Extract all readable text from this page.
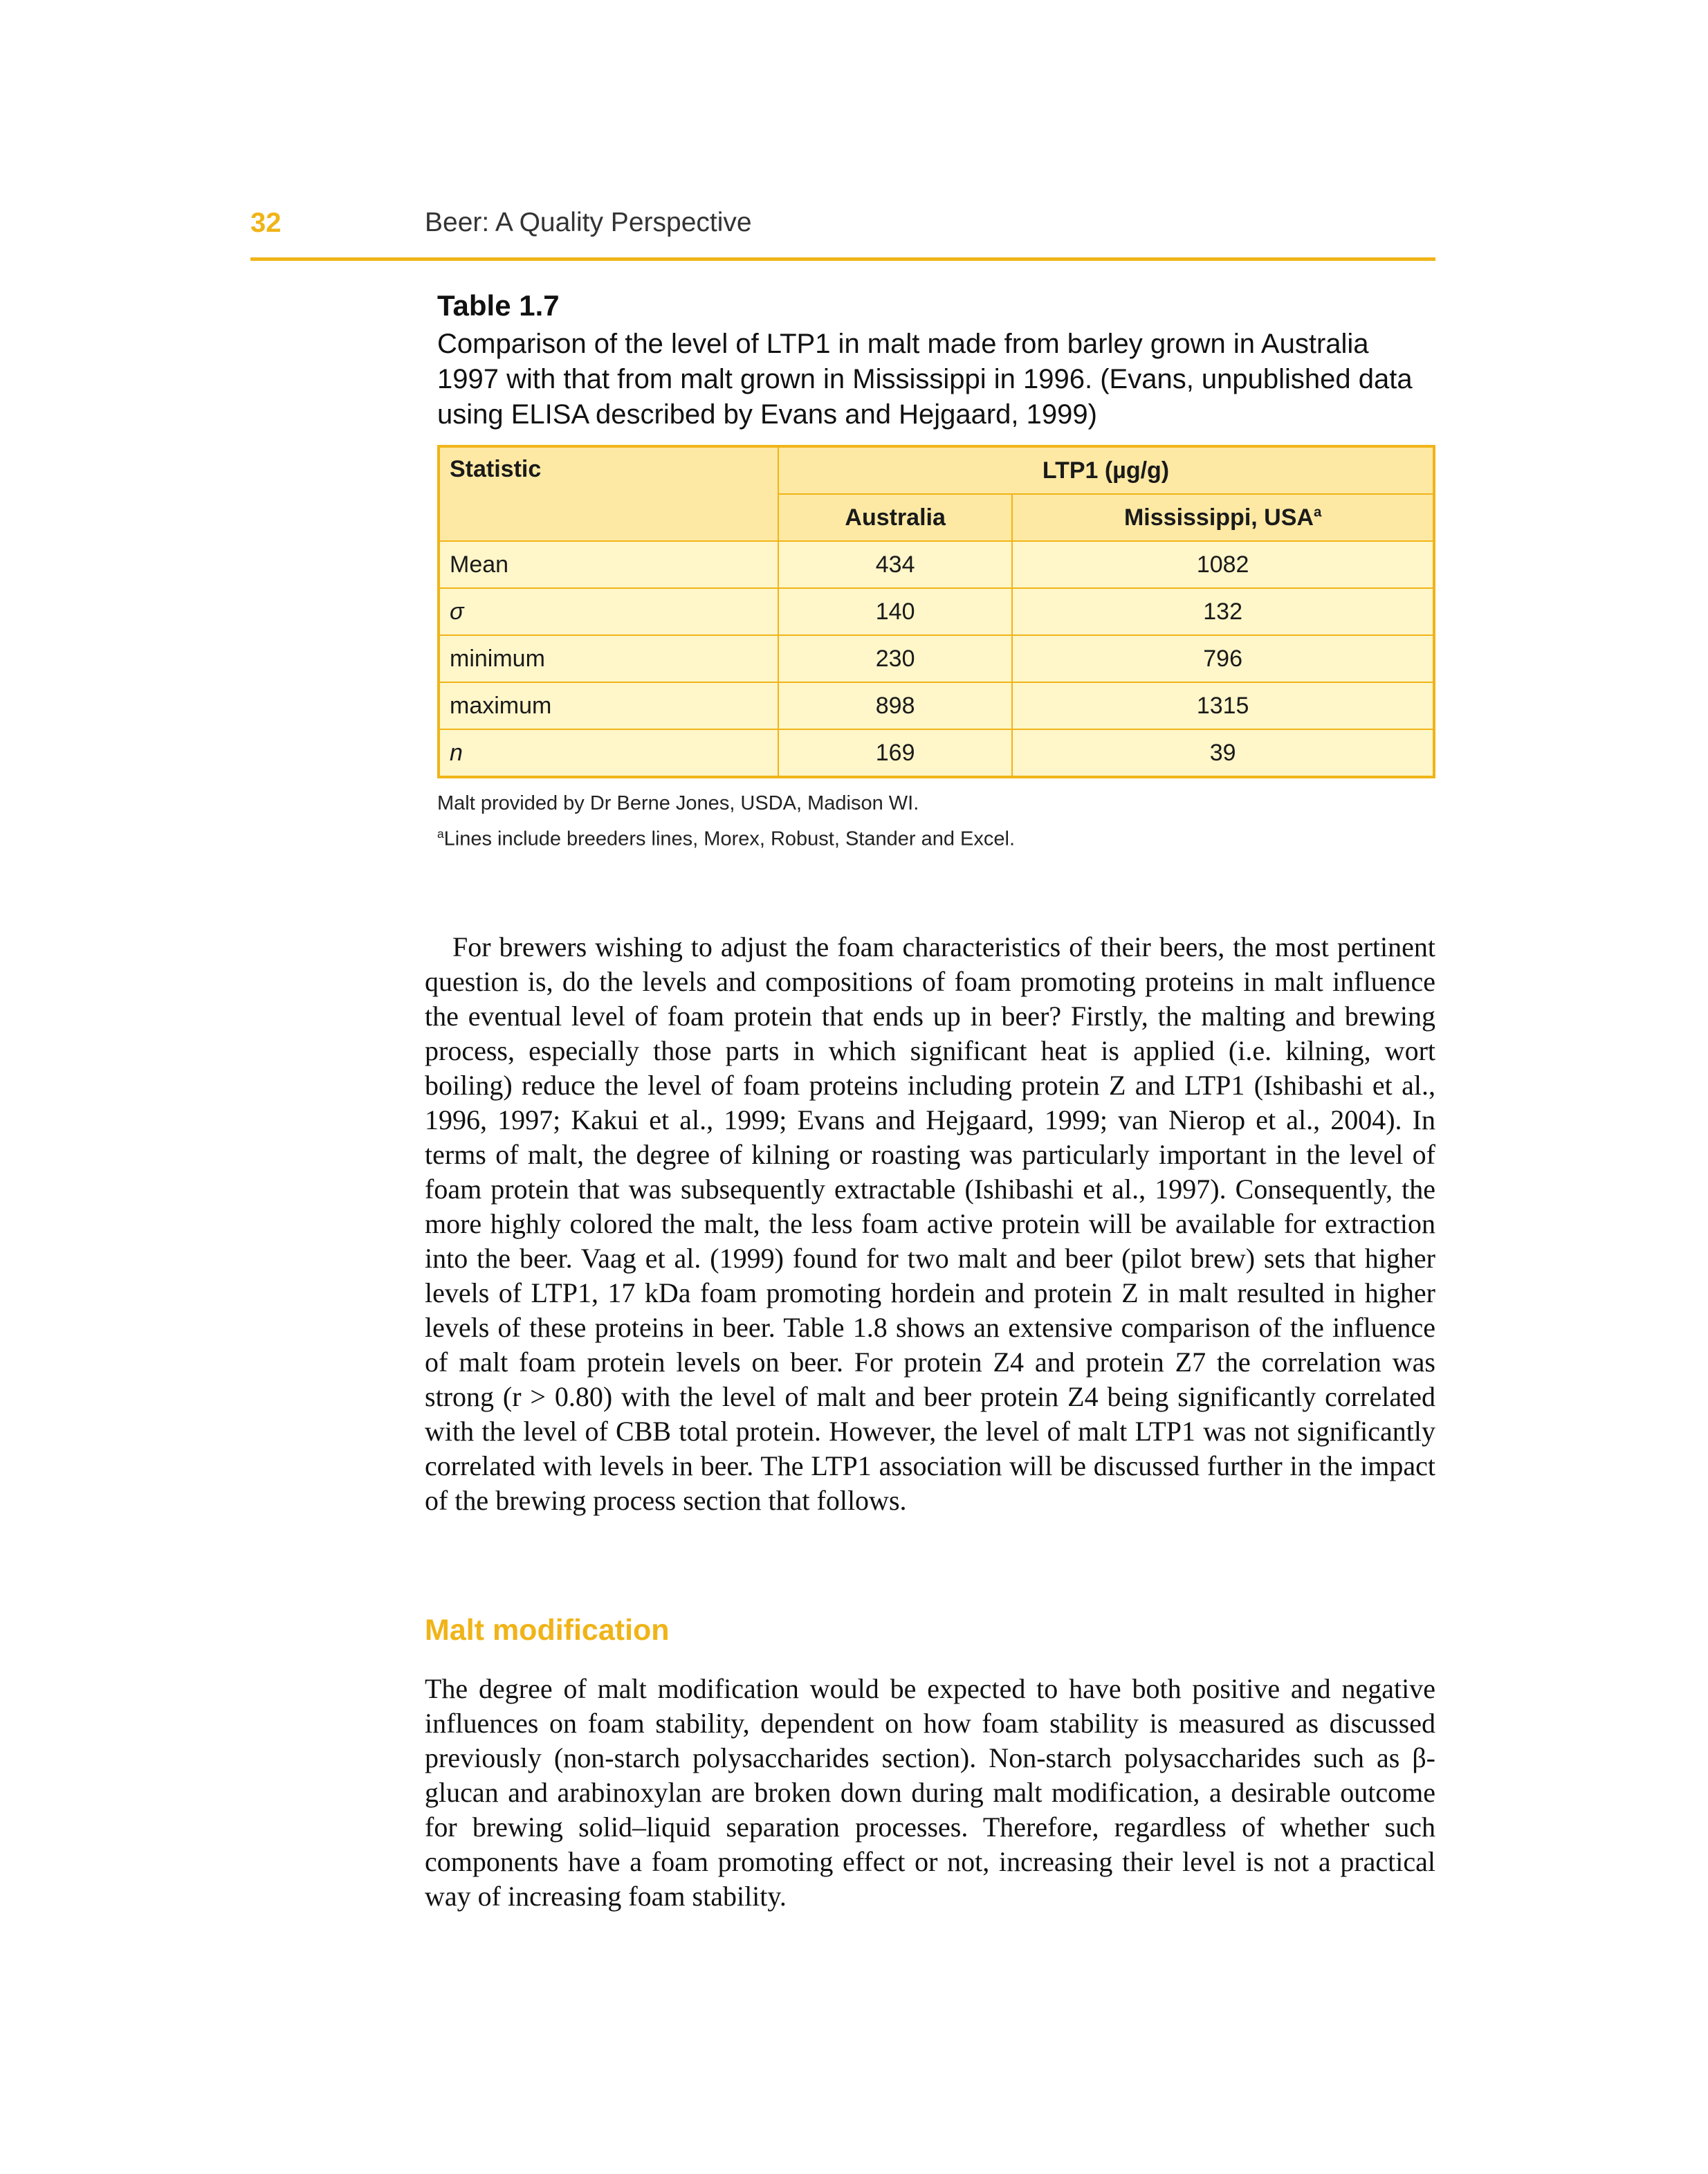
32	Beer: A Quality Perspective

Table 1.7

Comparison of the level of LTP1 in malt made from barley grown in Australia 1997 with that from malt grown in Mississippi in 1996. (Evans, unpublished data using ELISA described by Evans and Hejgaard, 1999)

Statistic	LTP1 (µg/g)	
	Australia	Mississippi, USA$^a$
Mean	434	1082
σ	140	132
minimum	230	796
maximum	898	1315
n	169	39
Malt provided by Dr Berne Jones, USDA, Madison WI.
$^a$Lines include breeders lines, Morex, Robust, Stander and Excel.

For brewers wishing to adjust the foam characteristics of their beers, the most pertinent question is, do the levels and compositions of foam promoting proteins in malt influence the eventual level of foam protein that ends up in beer? Firstly, the malting and brewing process, especially those parts in which significant heat is applied (i.e. kilning, wort boiling) reduce the level of foam proteins including protein Z and LTP1 (Ishibashi et al., 1996, 1997; Kakui et al., 1999; Evans and Hejgaard, 1999; van Nierop et al., 2004). In terms of malt, the degree of kilning or roasting was particularly important in the level of foam protein that was subsequently extractable (Ishibashi et al., 1997). Consequently, the more highly colored the malt, the less foam active protein will be available for extraction into the beer. Vaag et al. (1999) found for two malt and beer (pilot brew) sets that higher levels of LTP1, 17 kDa foam promoting hordein and protein Z in malt resulted in higher levels of these proteins in beer. Table 1.8 shows an extensive comparison of the influence of malt foam protein levels on beer. For protein Z4 and protein Z7 the correlation was strong (r > 0.80) with the level of malt and beer protein Z4 being significantly correlated with the level of CBB total protein. However, the level of malt LTP1 was not significantly correlated with levels in beer. The LTP1 association will be discussed further in the impact of the brewing process section that follows.

Malt modification

The degree of malt modification would be expected to have both positive and negative influences on foam stability, dependent on how foam stability is measured as discussed previously (non-starch polysaccharides section). Non-starch polysaccharides such as β-glucan and arabinoxylan are broken down during malt modification, a desirable outcome for brewing solid–liquid separation processes. Therefore, regardless of whether such components have a foam promoting effect or not, increasing their level is not a practical way of increasing foam stability.
